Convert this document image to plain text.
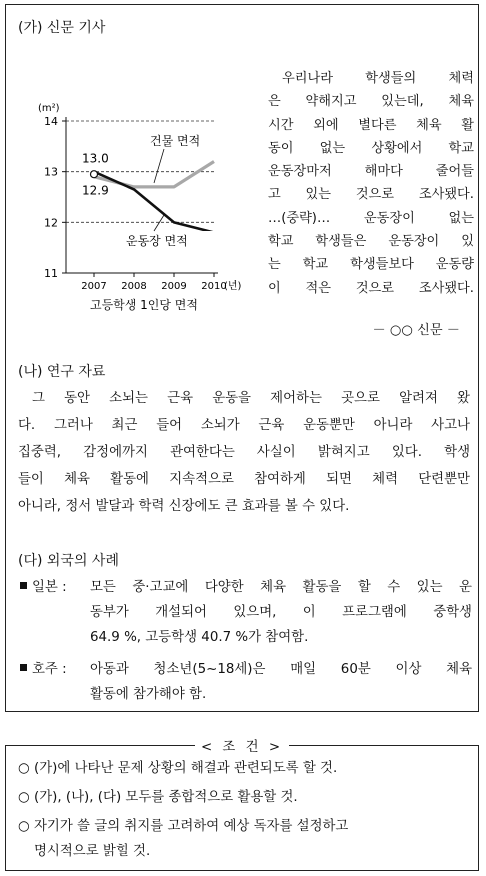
(가) 신문 기사
11
12
13
14
(m²)
2007 2008 2009 2010
(년)
고등학생 1인당 면적
13.0
12.9
건물 면적
운동장 면적
우리나라 학생들의 체력
은 약해지고 있는데, 체육
시간 외에 별다른 체육 활
동이 없는 상황에서 학교
운동장마저 해마다 줄어들
고 있는 것으로 조사됐다.
…(중략)… 운동장이 없는
학교 학생들은 운동장이 있
는 학교 학생들보다 운동량
이 적은 것으로 조사됐다.
－ ○○ 신문 －
(나) 연구 자료
그 동안 소뇌는 근육 운동을 제어하는 곳으로 알려져 왔
다. 그러나 최근 들어 소뇌가 근육 운동뿐만 아니라 사고나
집중력, 감정에까지 관여한다는 사실이 밝혀지고 있다. 학생
들이 체육 활동에 지속적으로 참여하게 되면 체력 단련뿐만
아니라, 정서 발달과 학력 신장에도 큰 효과를 볼 수 있다.
(다) 외국의 사례
일본 : 모든 중·고교에 다양한 체육 활동을 할 수 있는 운
동부가 개설되어 있으며, 이 프로그램에 중학생
64.9 %, 고등학생 40.7 %가 참여함.
호주 : 아동과 청소년(5~18세)은 매일 60분 이상 체육
활동에 참가해야 함.
< 조 건 >
○ (가)에 나타난 문제 상황의 해결과 관련되도록 할 것.
○ (가), (나), (다) 모두를 종합적으로 활용할 것.
○ 자기가 쓸 글의 취지를 고려하여 예상 독자를 설정하고
명시적으로 밝힐 것.
